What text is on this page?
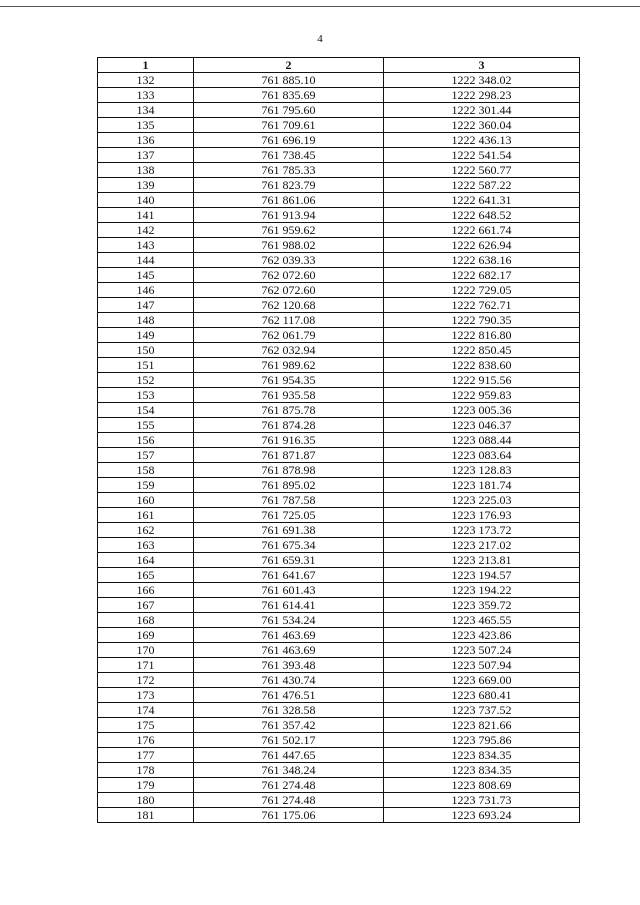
4
1	2	3
132	761 885.10	1222 348.02
133	761 835.69	1222 298.23
134	761 795.60	1222 301.44
135	761 709.61	1222 360.04
136	761 696.19	1222 436.13
137	761 738.45	1222 541.54
138	761 785.33	1222 560.77
139	761 823.79	1222 587.22
140	761 861.06	1222 641.31
141	761 913.94	1222 648.52
142	761 959.62	1222 661.74
143	761 988.02	1222 626.94
144	762 039.33	1222 638.16
145	762 072.60	1222 682.17
146	762 072.60	1222 729.05
147	762 120.68	1222 762.71
148	762 117.08	1222 790.35
149	762 061.79	1222 816.80
150	762 032.94	1222 850.45
151	761 989.62	1222 838.60
152	761 954.35	1222 915.56
153	761 935.58	1222 959.83
154	761 875.78	1223 005.36
155	761 874.28	1223 046.37
156	761 916.35	1223 088.44
157	761 871.87	1223 083.64
158	761 878.98	1223 128.83
159	761 895.02	1223 181.74
160	761 787.58	1223 225.03
161	761 725.05	1223 176.93
162	761 691.38	1223 173.72
163	761 675.34	1223 217.02
164	761 659.31	1223 213.81
165	761 641.67	1223 194.57
166	761 601.43	1223 194.22
167	761 614.41	1223 359.72
168	761 534.24	1223 465.55
169	761 463.69	1223 423.86
170	761 463.69	1223 507.24
171	761 393.48	1223 507.94
172	761 430.74	1223 669.00
173	761 476.51	1223 680.41
174	761 328.58	1223 737.52
175	761 357.42	1223 821.66
176	761 502.17	1223 795.86
177	761 447.65	1223 834.35
178	761 348.24	1223 834.35
179	761 274.48	1223 808.69
180	761 274.48	1223 731.73
181	761 175.06	1223 693.24
